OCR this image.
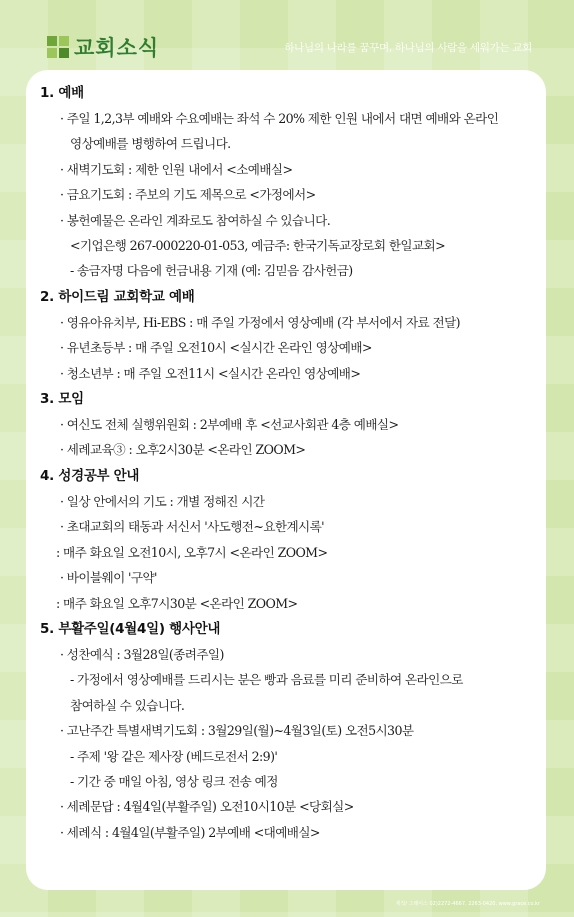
교회소식	하나님의 나라를 꿈꾸며, 하나님의 사람을 세워가는 교회
1. 예배
· 주일 1,2,3부 예배와 수요예배는 좌석 수 20% 제한 인원 내에서 대면 예배와 온라인
영상예배를 병행하여 드립니다.
· 새벽기도회 : 제한 인원 내에서 <소예배실>
· 금요기도회 : 주보의 기도 제목으로 <가정에서>
· 봉헌예물은 온라인 계좌로도 참여하실 수 있습니다.
<기업은행 267-000220-01-053, 예금주: 한국기독교장로회 한일교회>
- 송금자명 다음에 헌금내용 기재 (예: 김믿음 감사헌금)
2. 하이드림 교회학교 예배
· 영유아유치부, Hi-EBS : 매 주일 가정에서 영상예배 (각 부서에서 자료 전달)
· 유년초등부 : 매 주일 오전10시 <실시간 온라인 영상예배>
· 청소년부 : 매 주일 오전11시 <실시간 온라인 영상예배>
3. 모임
· 여신도 전체 실행위원회 : 2부예배 후 <선교사회관 4층 예배실>
· 세례교육③ : 오후2시30분 <온라인 ZOOM>
4. 성경공부 안내
· 일상 안에서의 기도 : 개별 정해진 시간
· 초대교회의 태동과 서신서 '사도행전~요한계시록'
: 매주 화요일 오전10시, 오후7시 <온라인 ZOOM>
· 바이블웨이 '구약'
: 매주 화요일 오후7시30분 <온라인 ZOOM>
5. 부활주일(4월4일) 행사안내
· 성찬예식 : 3월28일(종려주일)
- 가정에서 영상예배를 드리시는 분은 빵과 음료를 미리 준비하여 온라인으로
참여하실 수 있습니다.
· 고난주간 특별새벽기도회 : 3월29일(월)~4월3일(토) 오전5시30분
- 주제 '왕 같은 제사장 (베드로전서 2:9)'
- 기간 중 매일 아침, 영상 링크 전송 예정
· 세례문답 : 4월4일(부활주일) 오전10시10분 <당회실>
· 세례식 : 4월4일(부활주일) 2부예배 <대예배실>
제작/ 그레이스 02)2272-4667, 2263-0420, www.grace.co.kr
